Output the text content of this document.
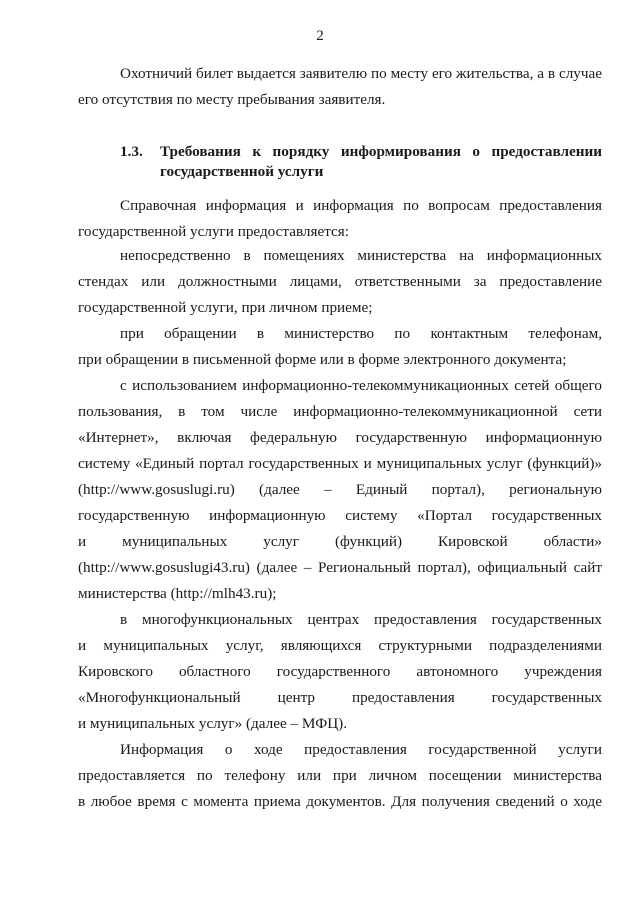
2
Охотничий билет выдается заявителю по месту его жительства, а в случае
его отсутствия по месту пребывания заявителя.
1.3. Требования к порядку информирования о предоставлении
государственной услуги
Справочная информация и информация по вопросам предоставления
государственной услуги предоставляется:
непосредственно в помещениях министерства на информационных
стендах или должностными лицами, ответственными за предоставление
государственной услуги, при личном приеме;
при обращении в министерство по контактным телефонам,
при обращении в письменной форме или в форме электронного документа;
с использованием информационно-телекоммуникационных сетей общего
пользования, в том числе информационно-телекоммуникационной сети
«Интернет», включая федеральную государственную информационную
систему «Единый портал государственных и муниципальных услуг (функций)»
(http://www.gosuslugi.ru) (далее – Единый портал), региональную
государственную информационную систему «Портал государственных
и муниципальных услуг (функций) Кировской области»
(http://www.gosuslugi43.ru) (далее – Региональный портал), официальный сайт
министерства (http://mlh43.ru);
в многофункциональных центрах предоставления государственных
и муниципальных услуг, являющихся структурными подразделениями
Кировского областного государственного автономного учреждения
«Многофункциональный центр предоставления государственных
и муниципальных услуг» (далее – МФЦ).
Информация о ходе предоставления государственной услуги
предоставляется по телефону или при личном посещении министерства
в любое время с момента приема документов. Для получения сведений о ходе
